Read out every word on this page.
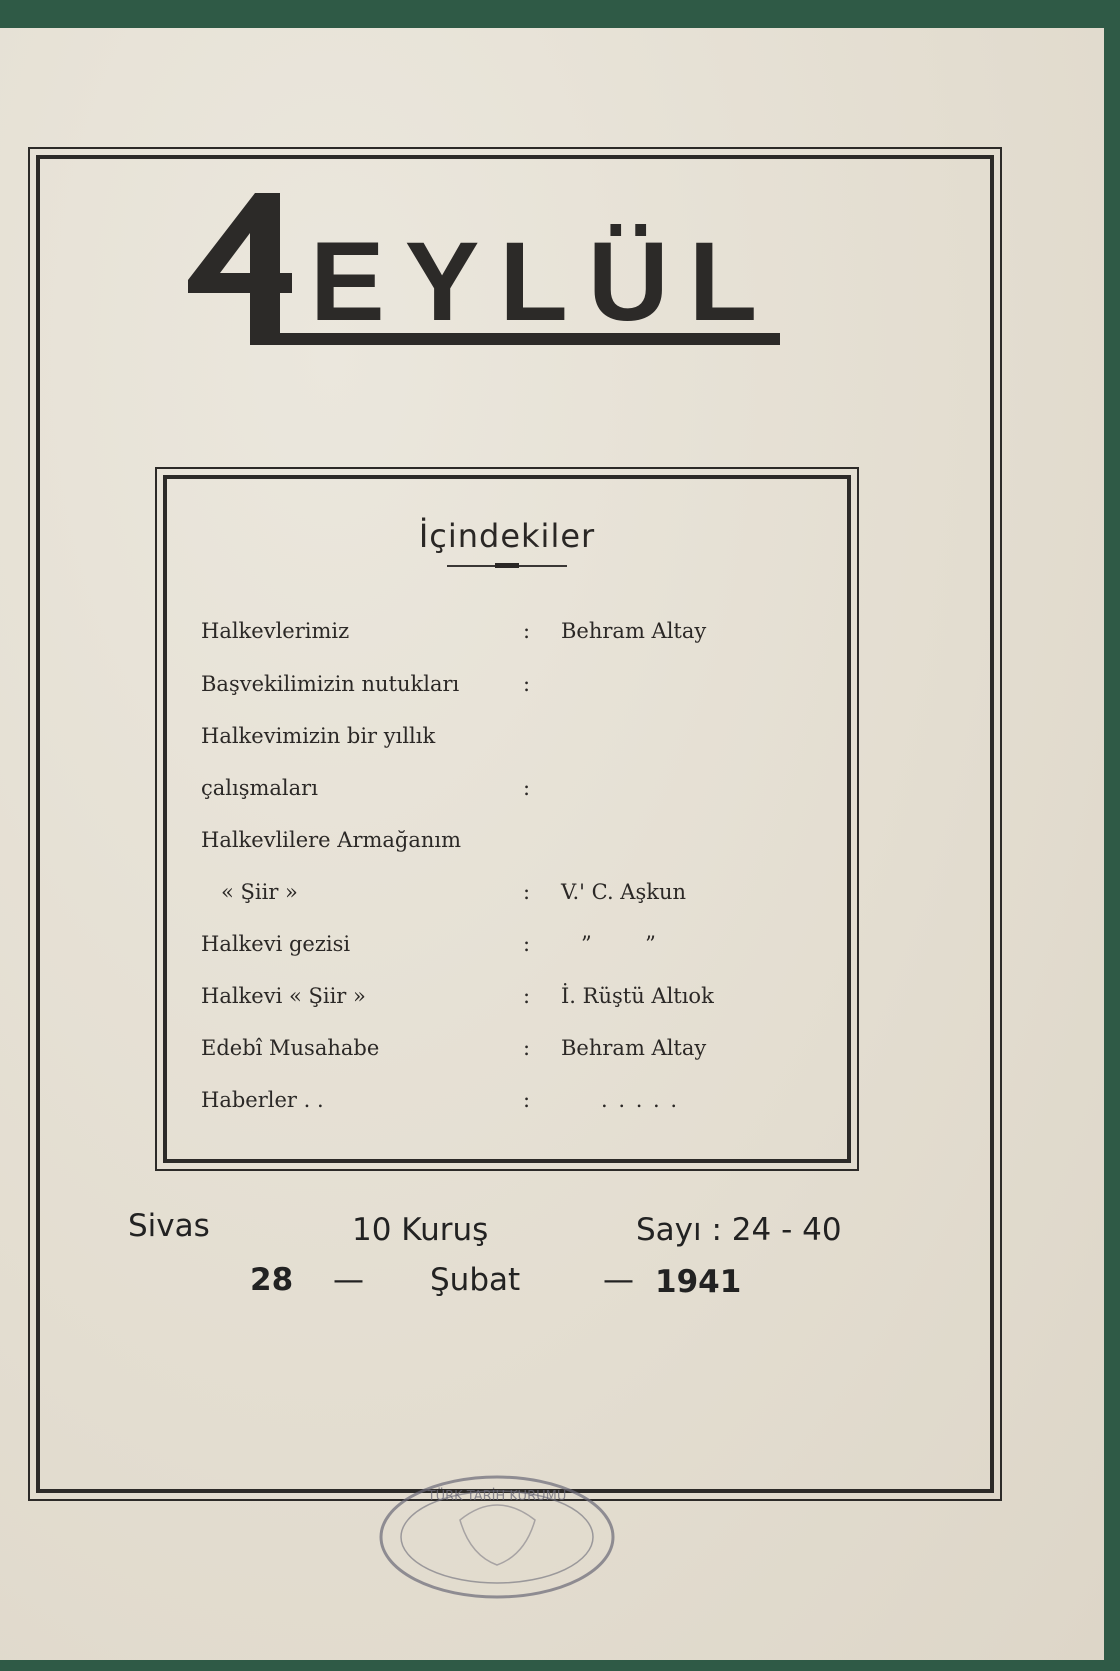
EYLÜL
İçindekiler
Halkevlerimiz	: Behram Altay
Başvekilimizin nutukları	:
Halkevimizin bir yıllık
çalışmaları	:
Halkevlilere Armağanım
« Şiir »	: V.' C. Aşkun
Halkevi gezisi	: ”        ”
Halkevi « Şiir »	: İ. Rüştü Altıok
Edebî Musahabe	: Behram Altay
Haberler . .	:	. . . . .
Sivas	10 Kuruş	Sayı : 24 - 40
28 — Şubat	— 1941
TÜRK TARİH KURUMU
